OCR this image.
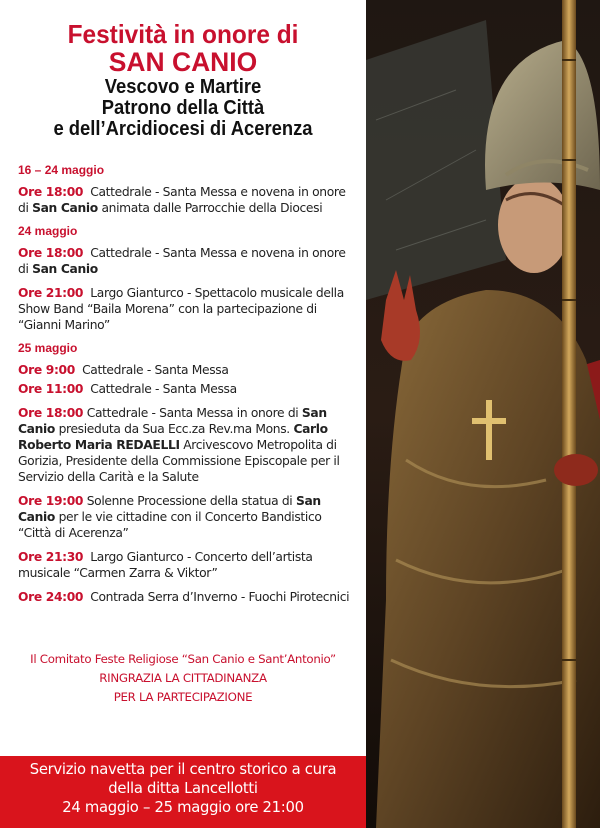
Festività in onore di
SAN CANIO
Vescovo e Martire
Patrono della Città
e dell’Arcidiocesi di Acerenza
16 – 24 maggio
Ore 18:00 Cattedrale - Santa Messa e novena in onore di San Canio animata dalle Parrocchie della Diocesi
24 maggio
Ore 18:00 Cattedrale - Santa Messa e novena in onore di San Canio
Ore 21:00 Largo Gianturco - Spettacolo musicale della Show Band “Baila Morena” con la partecipazione di “Gianni Marino”
25 maggio
Ore 9:00 Cattedrale - Santa Messa
Ore 11:00 Cattedrale - Santa Messa
Ore 18:00 Cattedrale - Santa Messa in onore di San Canio presieduta da Sua Ecc.za Rev.ma Mons. Carlo Roberto Maria REDAELLI Arcivescovo Metropolita di Gorizia, Presidente della Commissione Episcopale per il Servizio della Carità e la Salute
Ore 19:00 Solenne Processione della statua di San Canio per le vie cittadine con il Concerto Bandistico “Città di Acerenza”
Ore 21:30 Largo Gianturco - Concerto dell’artista musicale “Carmen Zarra & Viktor”
Ore 24:00 Contrada Serra d’Inverno - Fuochi Pirotecnici
Il Comitato Feste Religiose “San Canio e Sant’Antonio”
RINGRAZIA LA CITTADINANZA
PER LA PARTECIPAZIONE
Servizio navetta per il centro storico a cura
della ditta Lancellotti
24 maggio – 25 maggio ore 21:00
